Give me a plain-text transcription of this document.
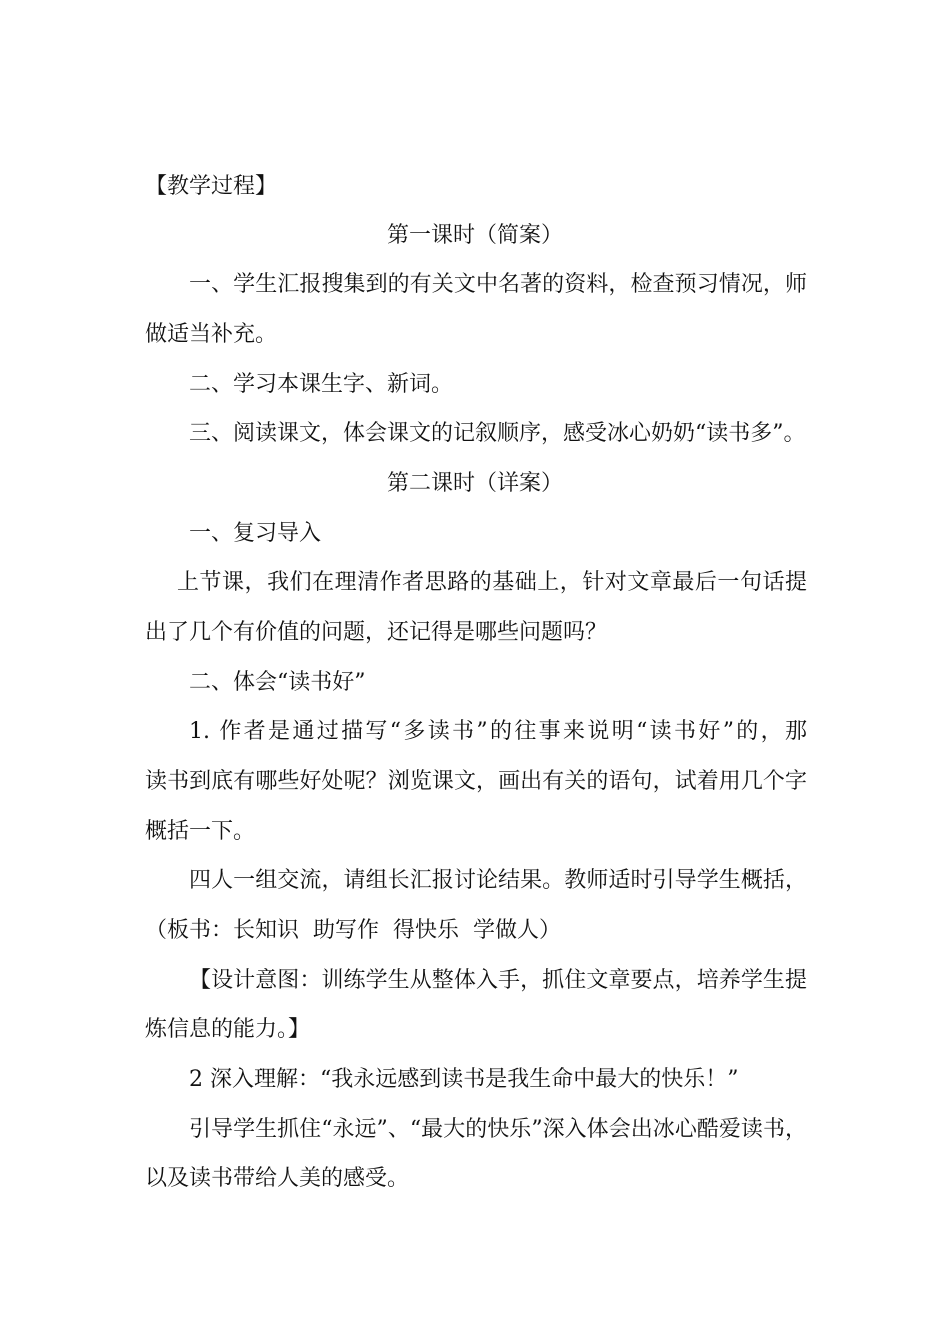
【教学过程】
第一课时（简案）
一、学生汇报搜集到的有关文中名著的资料，检查预习情况，师
做适当补充。
二、学习本课生字、新词。
三、阅读课文，体会课文的记叙顺序，感受冰心奶奶“读书多”。
第二课时（详案）
一、复习导入
上节课，我们在理清作者思路的基础上，针对文章最后一句话提
出了几个有价值的问题，还记得是哪些问题吗？
二、体会“读书好”
1. 作者是通过描写“多读书”的往事来说明“读书好”的，那
读书到底有哪些好处呢？浏览课文，画出有关的语句，试着用几个字
概括一下。
四人一组交流，请组长汇报讨论结果。教师适时引导学生概括，
（板书：长知识  助写作  得快乐  学做人）
【设计意图：训练学生从整体入手，抓住文章要点，培养学生提
炼信息的能力。】
2 深入理解：“我永远感到读书是我生命中最大的快乐！”
引导学生抓住“永远”、“最大的快乐”深入体会出冰心酷爱读书，
以及读书带给人美的感受。
